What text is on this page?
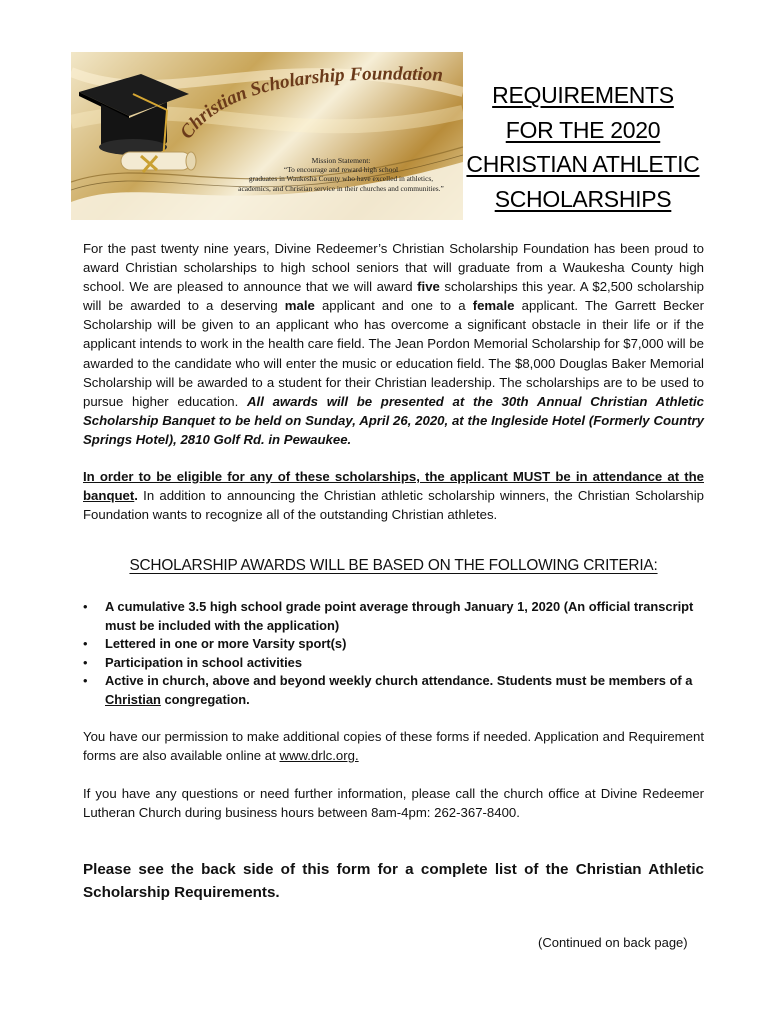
Christian Scholarship Foundation
Mission Statement:
“To encourage and reward high school
graduates in Waukesha County who have excelled in athletics,
academics, and Christian service in their churches and communities.”
REQUIREMENTS
FOR THE 2020
CHRISTIAN ATHLETIC
SCHOLARSHIPS
For the past twenty nine years, Divine Redeemer’s Christian Scholarship Foundation has been proud to award Christian scholarships to high school seniors that will graduate from a Waukesha County high school. We are pleased to announce that we will award five scholarships this year. A $2,500 scholarship will be awarded to a deserving male applicant and one to a female applicant. The Garrett Becker Scholarship will be given to an applicant who has overcome a significant obstacle in their life or if the applicant intends to work in the health care field. The Jean Pordon Memorial Scholarship for $7,000 will be awarded to the candidate who will enter the music or education field. The $8,000 Douglas Baker Memorial Scholarship will be awarded to a student for their Christian leadership. The scholarships are to be used to pursue higher education. All awards will be presented at the 30th Annual Christian Athletic Scholarship Banquet to be held on Sunday, April 26, 2020, at the Ingleside Hotel (Formerly Country Springs Hotel), 2810 Golf Rd. in Pewaukee.
In order to be eligible for any of these scholarships, the applicant MUST be in attendance at the banquet. In addition to announcing the Christian athletic scholarship winners, the Christian Scholarship Foundation wants to recognize all of the outstanding Christian athletes.
SCHOLARSHIP AWARDS WILL BE BASED ON THE FOLLOWING CRITERIA:
• A cumulative 3.5 high school grade point average through January 1, 2020 (An official transcript must be included with the application)
• Lettered in one or more Varsity sport(s)
• Participation in school activities
• Active in church, above and beyond weekly church attendance. Students must be members of a Christian congregation.
You have our permission to make additional copies of these forms if needed. Application and Requirement forms are also available online at www.drlc.org.
If you have any questions or need further information, please call the church office at Divine Redeemer Lutheran Church during business hours between 8am-4pm: 262-367-8400.
Please see the back side of this form for a complete list of the Christian Athletic Scholarship Requirements.
(Continued on back page)
